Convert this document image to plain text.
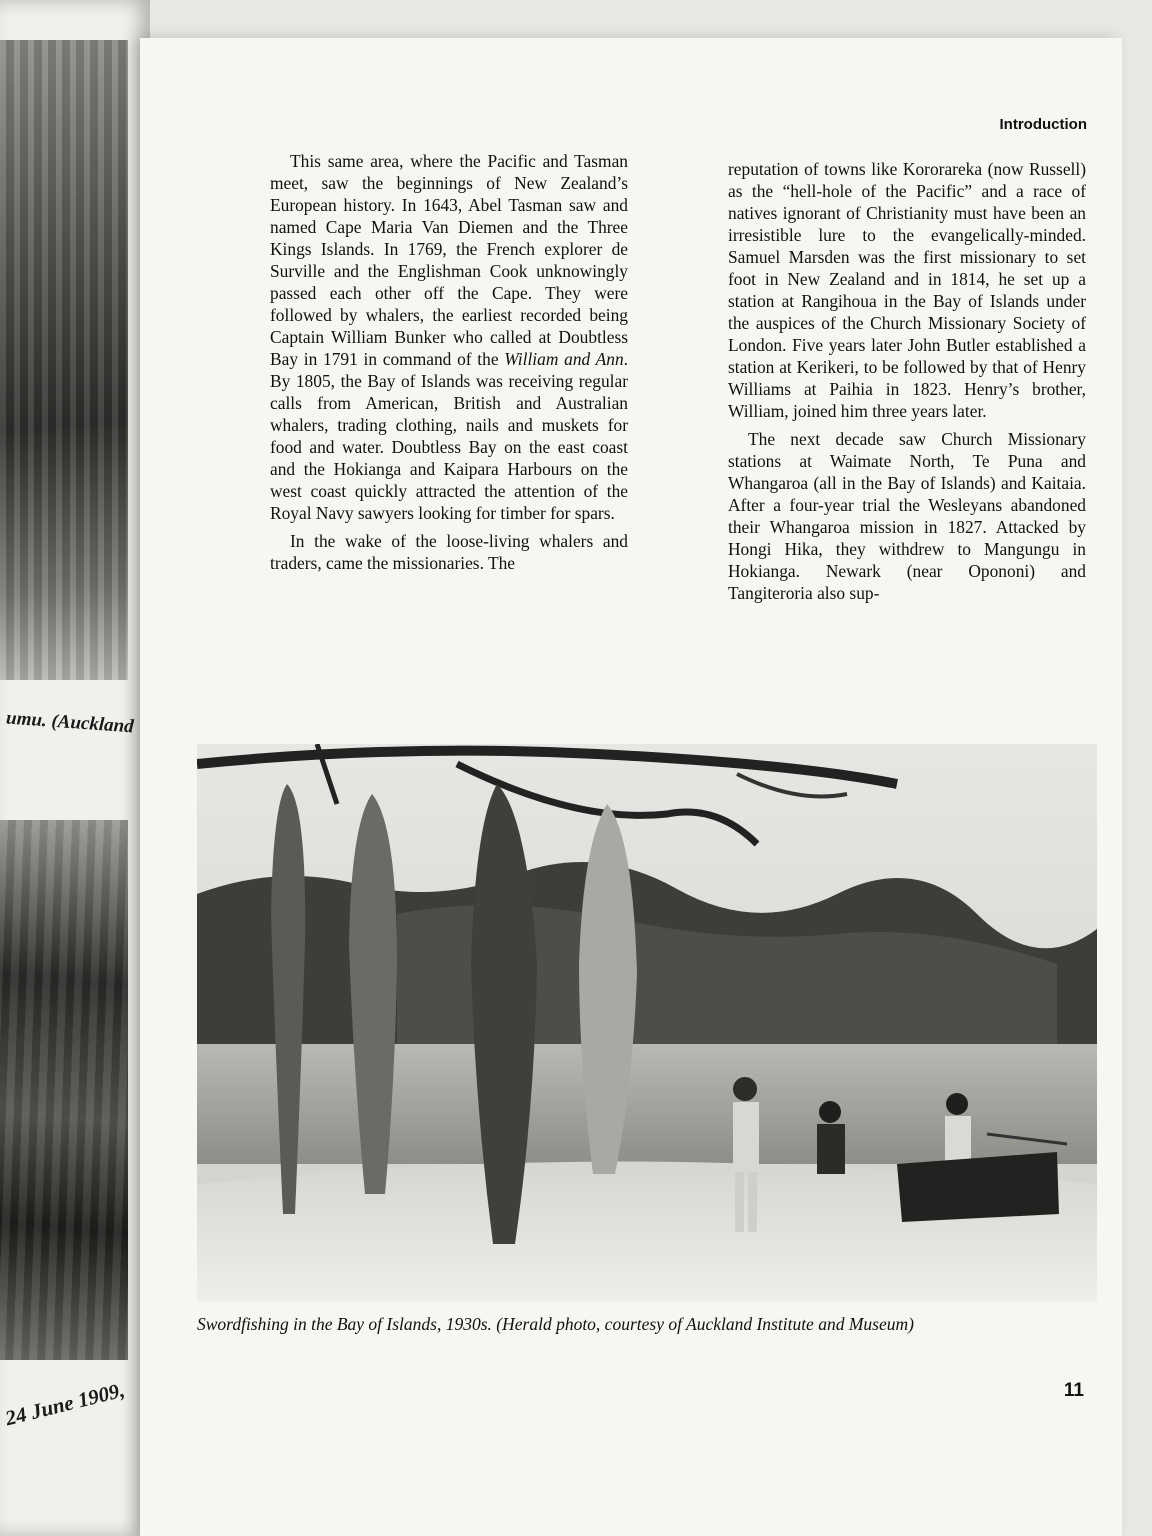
umu. (Auckland
24 June 1909,
Introduction

This same area, where the Pacific and Tasman meet, saw the beginnings of New Zealand’s European history. In 1643, Abel Tasman saw and named Cape Maria Van Diemen and the Three Kings Islands. In 1769, the French explorer de Surville and the Englishman Cook unknowingly passed each other off the Cape. They were followed by whalers, the earliest recorded being Captain William Bunker who called at Doubtless Bay in 1791 in command of the William and Ann. By 1805, the Bay of Islands was receiving regular calls from American, British and Australian whalers, trading clothing, nails and muskets for food and water. Doubtless Bay on the east coast and the Hokianga and Kaipara Harbours on the west coast quickly attracted the attention of the Royal Navy sawyers looking for timber for spars.

In the wake of the loose-living whalers and traders, came the missionaries. The

reputation of towns like Kororareka (now Russell) as the “hell-hole of the Pacific” and a race of natives ignorant of Christianity must have been an irresistible lure to the evangelically-minded. Samuel Marsden was the first missionary to set foot in New Zealand and in 1814, he set up a station at Rangihoua in the Bay of Islands under the auspices of the Church Missionary Society of London. Five years later John Butler established a station at Kerikeri, to be followed by that of Henry Williams at Paihia in 1823. Henry’s brother, William, joined him three years later.

The next decade saw Church Missionary stations at Waimate North, Te Puna and Whangaroa (all in the Bay of Islands) and Kaitaia. After a four-year trial the Wesleyans abandoned their Whangaroa mission in 1827. Attacked by Hongi Hika, they withdrew to Mangungu in Hokianga. Newark (near Opononi) and Tangiteroria also sup-

Swordfishing in the Bay of Islands, 1930s. (Herald photo, courtesy of Auckland Institute and Museum)
11
